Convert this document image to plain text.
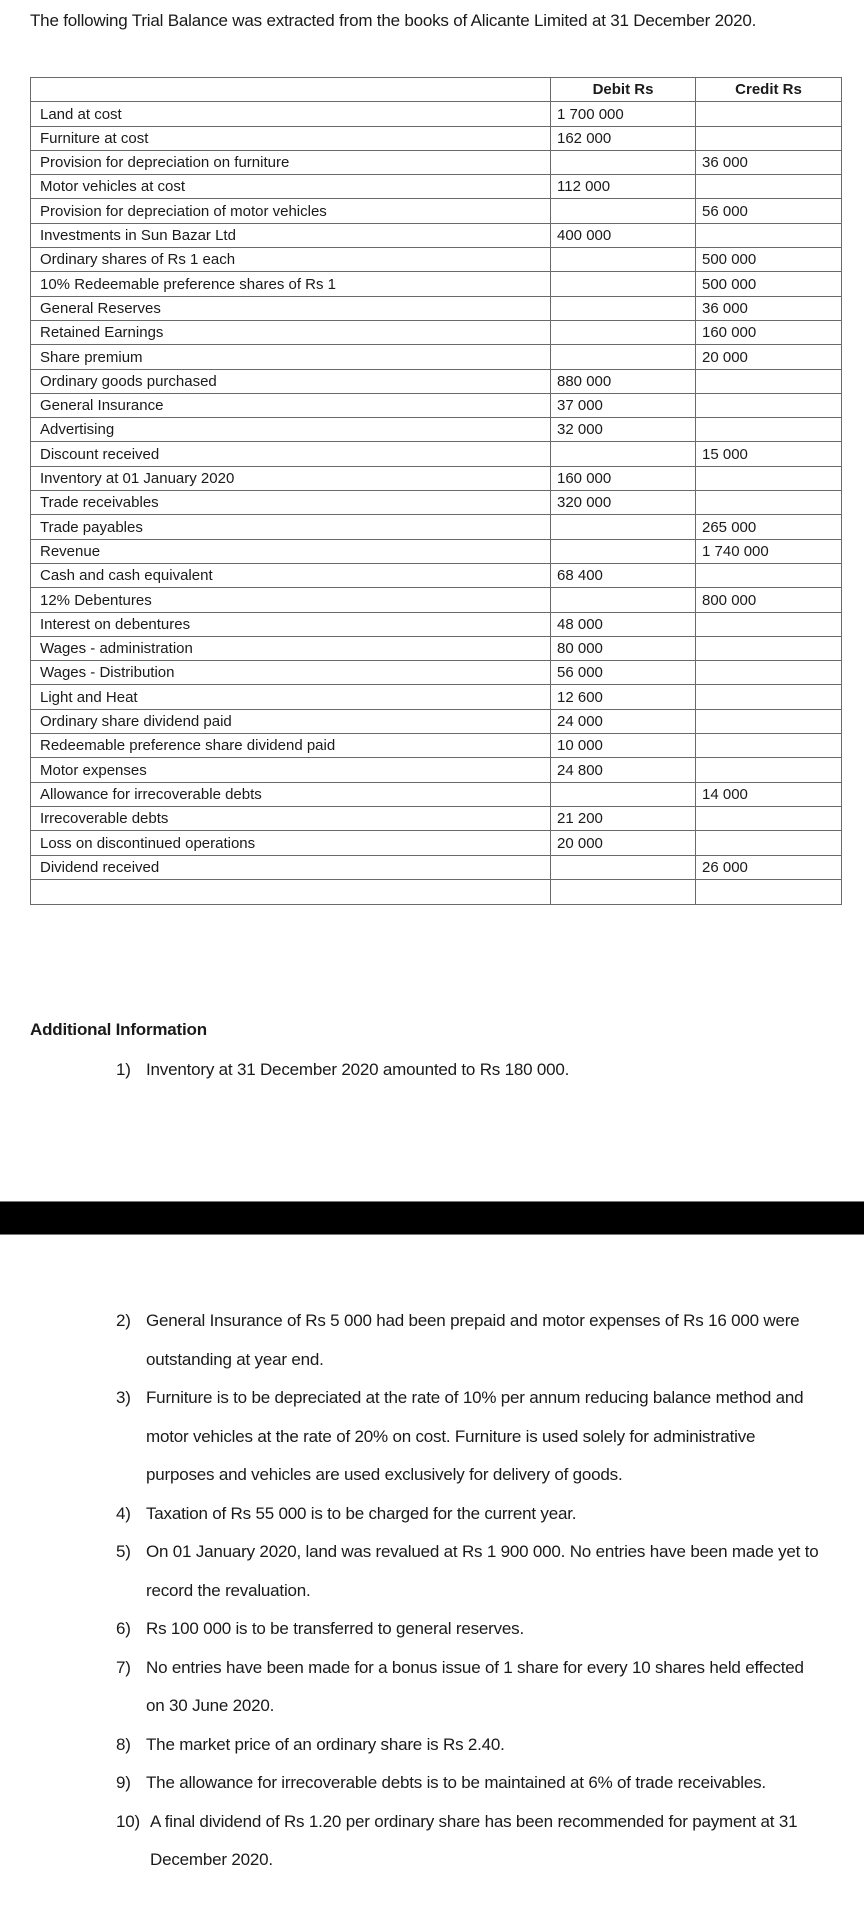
The following Trial Balance was extracted from the books of Alicante Limited at 31 December 2020.
	Debit Rs	Credit Rs
Land at cost	1 700 000	
Furniture at cost	162 000	
Provision for depreciation on furniture		36 000
Motor vehicles at cost	112 000	
Provision for depreciation of motor vehicles		56 000
Investments in Sun Bazar Ltd	400 000	
Ordinary shares of Rs 1 each		500 000
10% Redeemable preference shares of Rs 1		500 000
General Reserves		36 000
Retained Earnings		160 000
Share premium		20 000
Ordinary goods purchased	880 000	
General Insurance	37 000	
Advertising	32 000	
Discount received		15 000
Inventory at 01 January 2020	160 000	
Trade receivables	320 000	
Trade payables		265 000
Revenue		1 740 000
Cash and cash equivalent	68 400	
12% Debentures		800 000
Interest on debentures	48 000	
Wages - administration	80 000	
Wages - Distribution	56 000	
Light and Heat	12 600	
Ordinary share dividend paid	24 000	
Redeemable preference share dividend paid	10 000	
Motor expenses	24 800	
Allowance for irrecoverable debts		14 000
Irrecoverable debts	21 200	
Loss on discontinued operations	20 000	
Dividend received		26 000

Additional Information
1) Inventory at 31 December 2020 amounted to Rs 180 000.
2) General Insurance of Rs 5 000 had been prepaid and motor expenses of Rs 16 000 were outstanding at year end.
3) Furniture is to be depreciated at the rate of 10% per annum reducing balance method and motor vehicles at the rate of 20% on cost. Furniture is used solely for administrative purposes and vehicles are used exclusively for delivery of goods.
4) Taxation of Rs 55 000 is to be charged for the current year.
5) On 01 January 2020, land was revalued at Rs 1 900 000. No entries have been made yet to record the revaluation.
6) Rs 100 000 is to be transferred to general reserves.
7) No entries have been made for a bonus issue of 1 share for every 10 shares held effected on 30 June 2020.
8) The market price of an ordinary share is Rs 2.40.
9) The allowance for irrecoverable debts is to be maintained at 6% of trade receivables.
10) A final dividend of Rs 1.20 per ordinary share has been recommended for payment at 31 December 2020.
